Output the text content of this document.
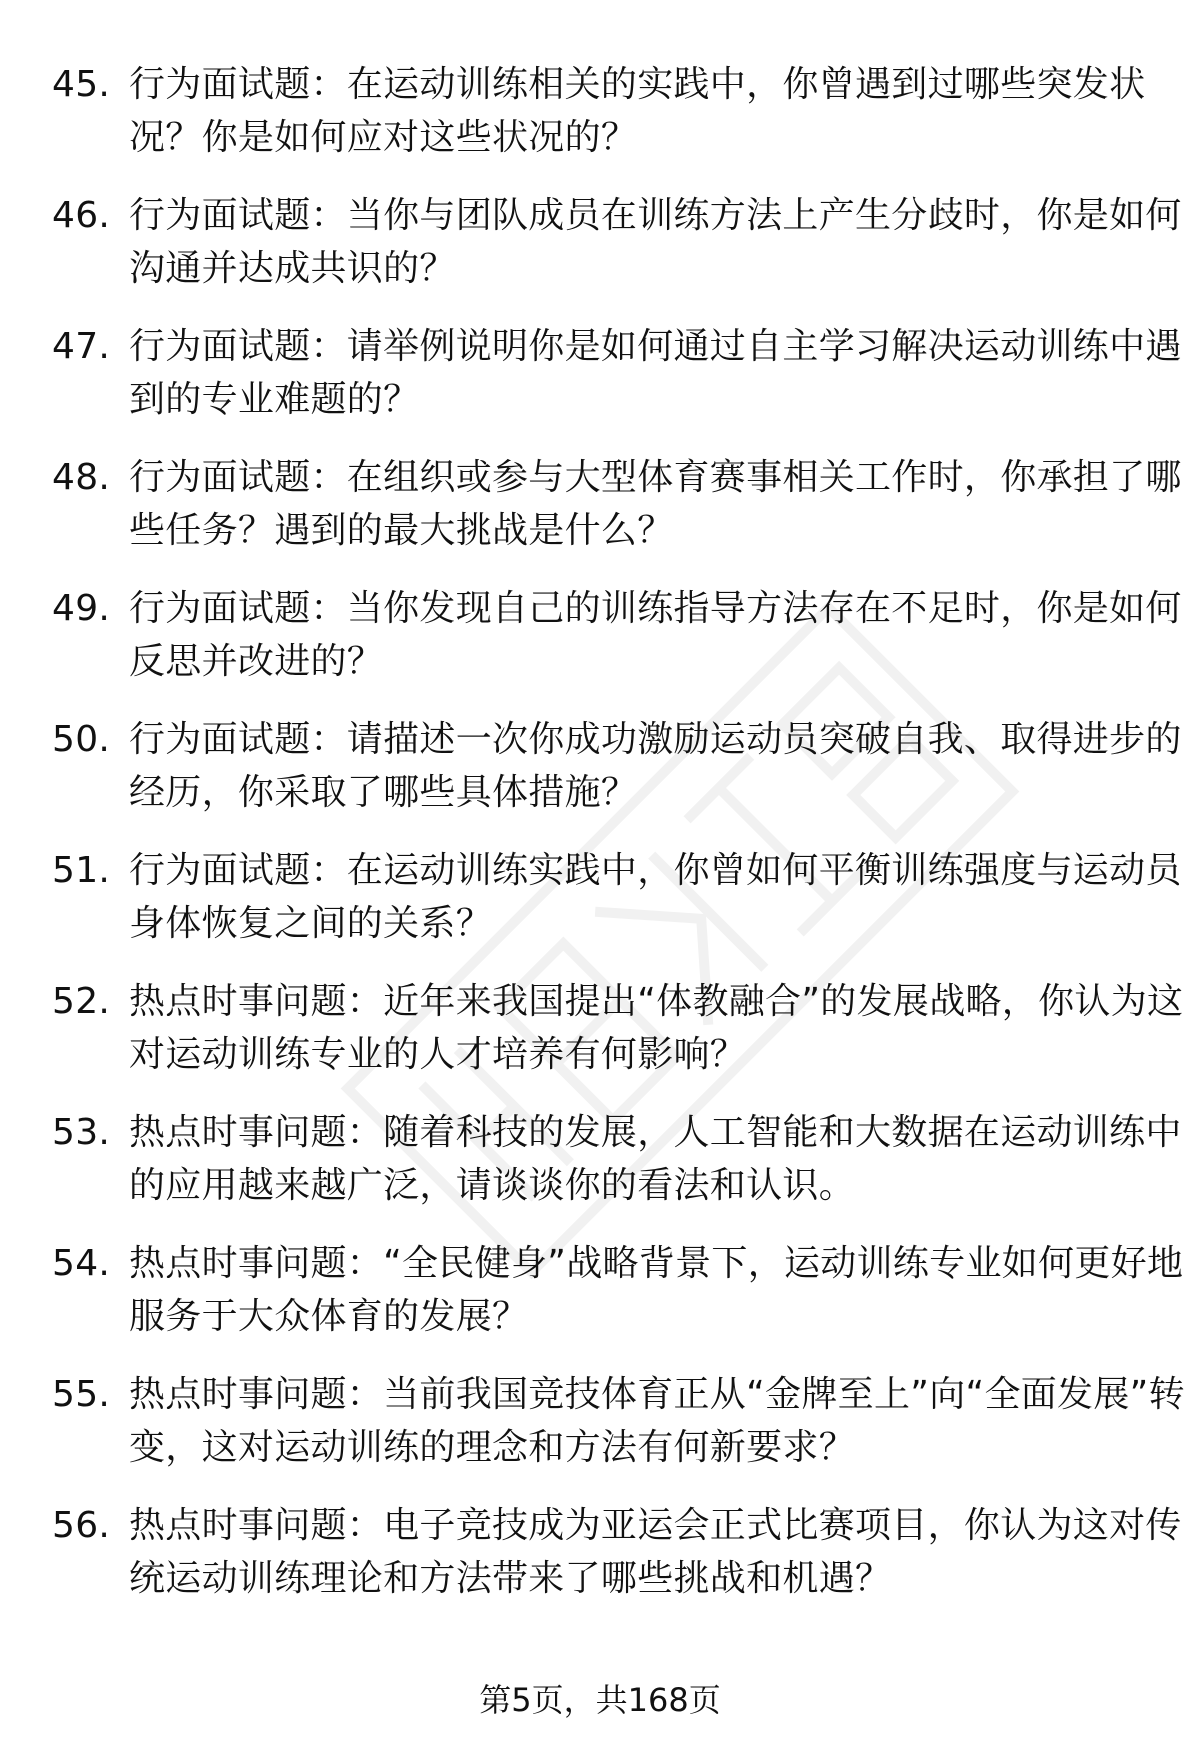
45. 行为面试题：在运动训练相关的实践中，你曾遇到过哪些突发状况？你是如何应对这些状况的？
46. 行为面试题：当你与团队成员在训练方法上产生分歧时，你是如何沟通并达成共识的？
47. 行为面试题：请举例说明你是如何通过自主学习解决运动训练中遇到的专业难题的？
48. 行为面试题：在组织或参与大型体育赛事相关工作时，你承担了哪些任务？遇到的最大挑战是什么？
49. 行为面试题：当你发现自己的训练指导方法存在不足时，你是如何反思并改进的？
50. 行为面试题：请描述一次你成功激励运动员突破自我、取得进步的经历，你采取了哪些具体措施？
51. 行为面试题：在运动训练实践中，你曾如何平衡训练强度与运动员身体恢复之间的关系？
52. 热点时事问题：近年来我国提出“体教融合”的发展战略，你认为这对运动训练专业的人才培养有何影响？
53. 热点时事问题：随着科技的发展，人工智能和大数据在运动训练中的应用越来越广泛，请谈谈你的看法和认识。
54. 热点时事问题：“全民健身”战略背景下，运动训练专业如何更好地服务于大众体育的发展？
55. 热点时事问题：当前我国竞技体育正从“金牌至上”向“全面发展”转变，这对运动训练的理念和方法有何新要求？
56. 热点时事问题：电子竞技成为亚运会正式比赛项目，你认为这对传统运动训练理论和方法带来了哪些挑战和机遇？
第5页，共168页
